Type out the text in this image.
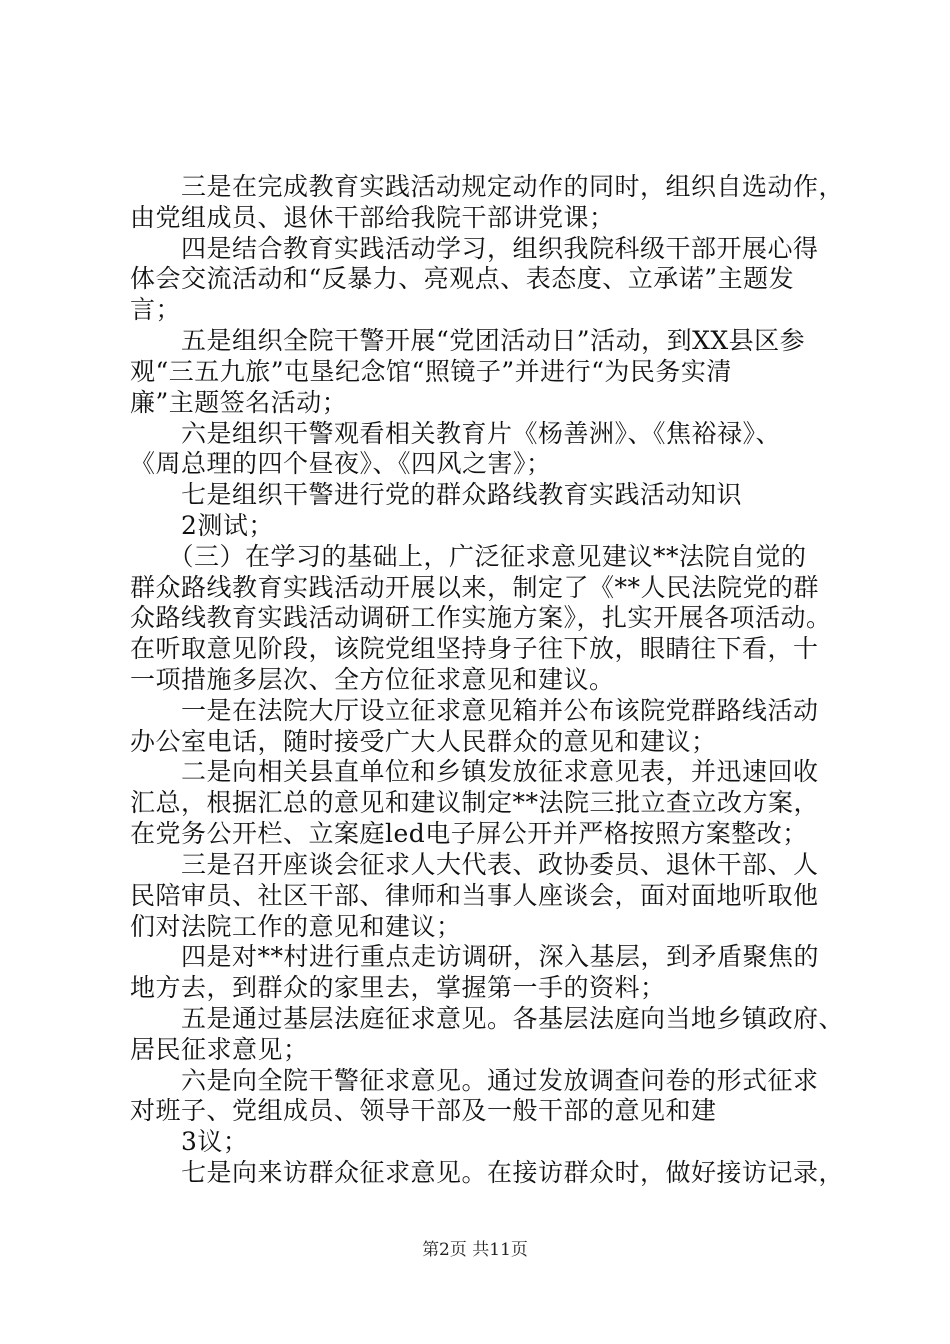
　　三是在完成教育实践活动规定动作的同时，组织自选动作，
由党组成员、退休干部给我院干部讲党课；
　　四是结合教育实践活动学习，组织我院科级干部开展心得
体会交流活动和“反暴力、亮观点、表态度、立承诺”主题发
言；
　　五是组织全院干警开展“党团活动日”活动，到XX县区参
观“三五九旅”屯垦纪念馆“照镜子”并进行“为民务实清
廉”主题签名活动；
　　六是组织干警观看相关教育片《杨善洲》、《焦裕禄》、
《周总理的四个昼夜》、《四风之害》；
　　七是组织干警进行党的群众路线教育实践活动知识
　　2测试；
　　（三）在学习的基础上，广泛征求意见建议**法院自觉的
群众路线教育实践活动开展以来，制定了《**人民法院党的群
众路线教育实践活动调研工作实施方案》，扎实开展各项活动。
在听取意见阶段，该院党组坚持身子往下放，眼睛往下看，十
一项措施多层次、全方位征求意见和建议。
　　一是在法院大厅设立征求意见箱并公布该院党群路线活动
办公室电话，随时接受广大人民群众的意见和建议；
　　二是向相关县直单位和乡镇发放征求意见表，并迅速回收
汇总，根据汇总的意见和建议制定**法院三批立查立改方案，
在党务公开栏、立案庭led电子屏公开并严格按照方案整改；
　　三是召开座谈会征求人大代表、政协委员、退休干部、人
民陪审员、社区干部、律师和当事人座谈会，面对面地听取他
们对法院工作的意见和建议；
　　四是对**村进行重点走访调研，深入基层，到矛盾聚焦的
地方去，到群众的家里去，掌握第一手的资料；
　　五是通过基层法庭征求意见。各基层法庭向当地乡镇政府、
居民征求意见；
　　六是向全院干警征求意见。通过发放调查问卷的形式征求
对班子、党组成员、领导干部及一般干部的意见和建
　　3议；
　　七是向来访群众征求意见。在接访群众时，做好接访记录，
第2页 共11页
